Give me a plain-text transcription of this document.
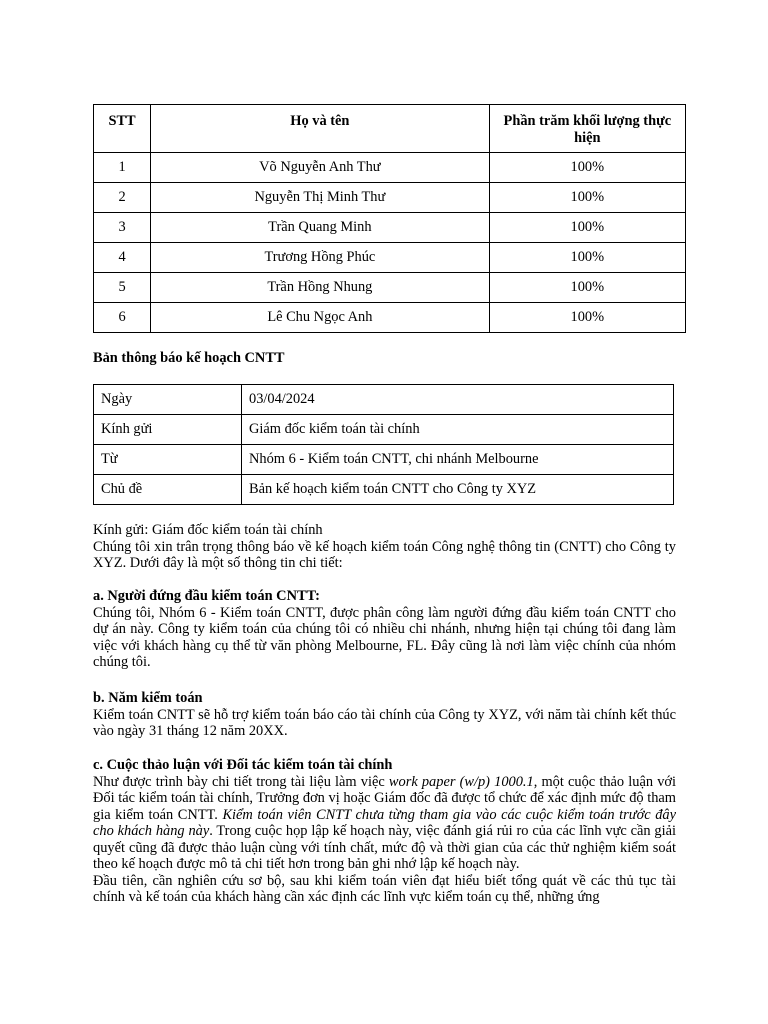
STT	Họ và tên	Phần trăm khối lượng thực hiện
1	Võ Nguyễn Anh Thư	100%
2	Nguyễn Thị Minh Thư	100%
3	Trần Quang Minh	100%
4	Trương Hồng Phúc	100%
5	Trần Hồng Nhung	100%
6	Lê Chu Ngọc Anh	100%
Bản thông báo kế hoạch CNTT
Ngày	03/04/2024
Kính gửi	Giám đốc kiểm toán tài chính
Từ	Nhóm 6 - Kiểm toán CNTT, chi nhánh Melbourne
Chủ đề	Bản kế hoạch kiểm toán CNTT cho Công ty XYZ

Kính gửi: Giám đốc kiểm toán tài chính

Chúng tôi xin trân trọng thông báo về kế hoạch kiểm toán Công nghệ thông tin (CNTT) cho Công ty XYZ. Dưới đây là một số thông tin chi tiết:

a. Người đứng đầu kiểm toán CNTT:

Chúng tôi, Nhóm 6 - Kiểm toán CNTT, được phân công làm người đứng đầu kiểm toán CNTT cho dự án này. Công ty kiểm toán của chúng tôi có nhiều chi nhánh, nhưng hiện tại chúng tôi đang làm việc với khách hàng cụ thể từ văn phòng Melbourne, FL. Đây cũng là nơi làm việc chính của nhóm chúng tôi.

b. Năm kiểm toán

Kiểm toán CNTT sẽ hỗ trợ kiểm toán báo cáo tài chính của Công ty XYZ, với năm tài chính kết thúc vào ngày 31 tháng 12 năm 20XX.

c. Cuộc thảo luận với Đối tác kiểm toán tài chính

Như được trình bày chi tiết trong tài liệu làm việc work paper (w/p) 1000.1, một cuộc thảo luận với Đối tác kiểm toán tài chính, Trưởng đơn vị hoặc Giám đốc đã được tổ chức để xác định mức độ tham gia kiểm toán CNTT. Kiểm toán viên CNTT chưa từng tham gia vào các cuộc kiểm toán trước đây cho khách hàng này. Trong cuộc họp lập kế hoạch này, việc đánh giá rủi ro của các lĩnh vực cần giải quyết cũng đã được thảo luận cùng với tính chất, mức độ và thời gian của các thử nghiệm kiểm soát theo kế hoạch được mô tả chi tiết hơn trong bản ghi nhớ lập kế hoạch này.

Đầu tiên, cần nghiên cứu sơ bộ, sau khi kiểm toán viên đạt hiểu biết tổng quát về các thủ tục tài chính và kế toán của khách hàng cần xác định các lĩnh vực kiểm toán cụ thể, những ứng
